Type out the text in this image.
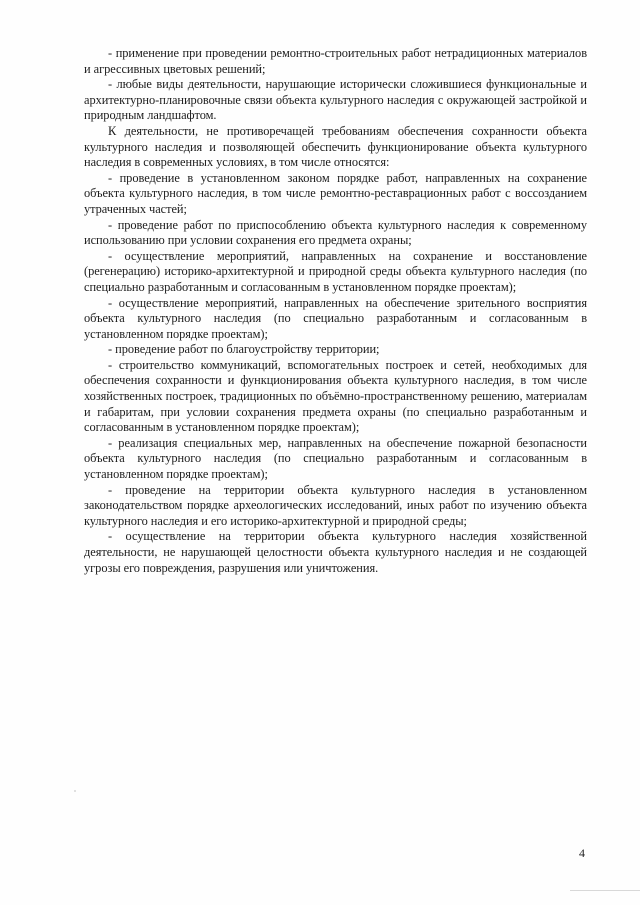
- применение при проведении ремонтно-строительных работ нетрадиционных материалов и агрессивных цветовых решений;

- любые виды деятельности, нарушающие исторически сложившиеся функциональные и архитектурно-планировочные связи объекта культурного наследия с окружающей застройкой и природным ландшафтом.

К деятельности, не противоречащей требованиям обеспечения сохранности объекта культурного наследия и позволяющей обеспечить функционирование объекта культурного наследия в современных условиях, в том числе относятся:

- проведение в установленном законом порядке работ, направленных на сохранение объекта культурного наследия, в том числе ремонтно-реставрационных работ с воссозданием утраченных частей;

- проведение работ по приспособлению объекта культурного наследия к современному использованию при условии сохранения его предмета охраны;

- осуществление мероприятий, направленных на сохранение и восстановление (регенерацию) историко-архитектурной и природной среды объекта культурного наследия (по специально разработанным и согласованным в установленном порядке проектам);

- осуществление мероприятий, направленных на обеспечение зрительного восприятия объекта культурного наследия (по специально разработанным и согласованным в установленном порядке проектам);

- проведение работ по благоустройству территории;

- строительство коммуникаций, вспомогательных построек и сетей, необходимых для обеспечения сохранности и функционирования объекта культурного наследия, в том числе хозяйственных построек, традиционных по объёмно-пространственному решению, материалам и габаритам, при условии сохранения предмета охраны (по специально разработанным и согласованным в установленном порядке проектам);

- реализация специальных мер, направленных на обеспечение пожарной безопасности объекта культурного наследия (по специально разработанным и согласованным в установленном порядке проектам);

- проведение на территории объекта культурного наследия в установленном законодательством порядке археологических исследований, иных работ по изучению объекта культурного наследия и его историко-архитектурной и природной среды;

- осуществление на территории объекта культурного наследия хозяйственной деятельности, не нарушающей целостности объекта культурного наследия и не создающей угрозы его повреждения, разрушения или уничтожения.

4
